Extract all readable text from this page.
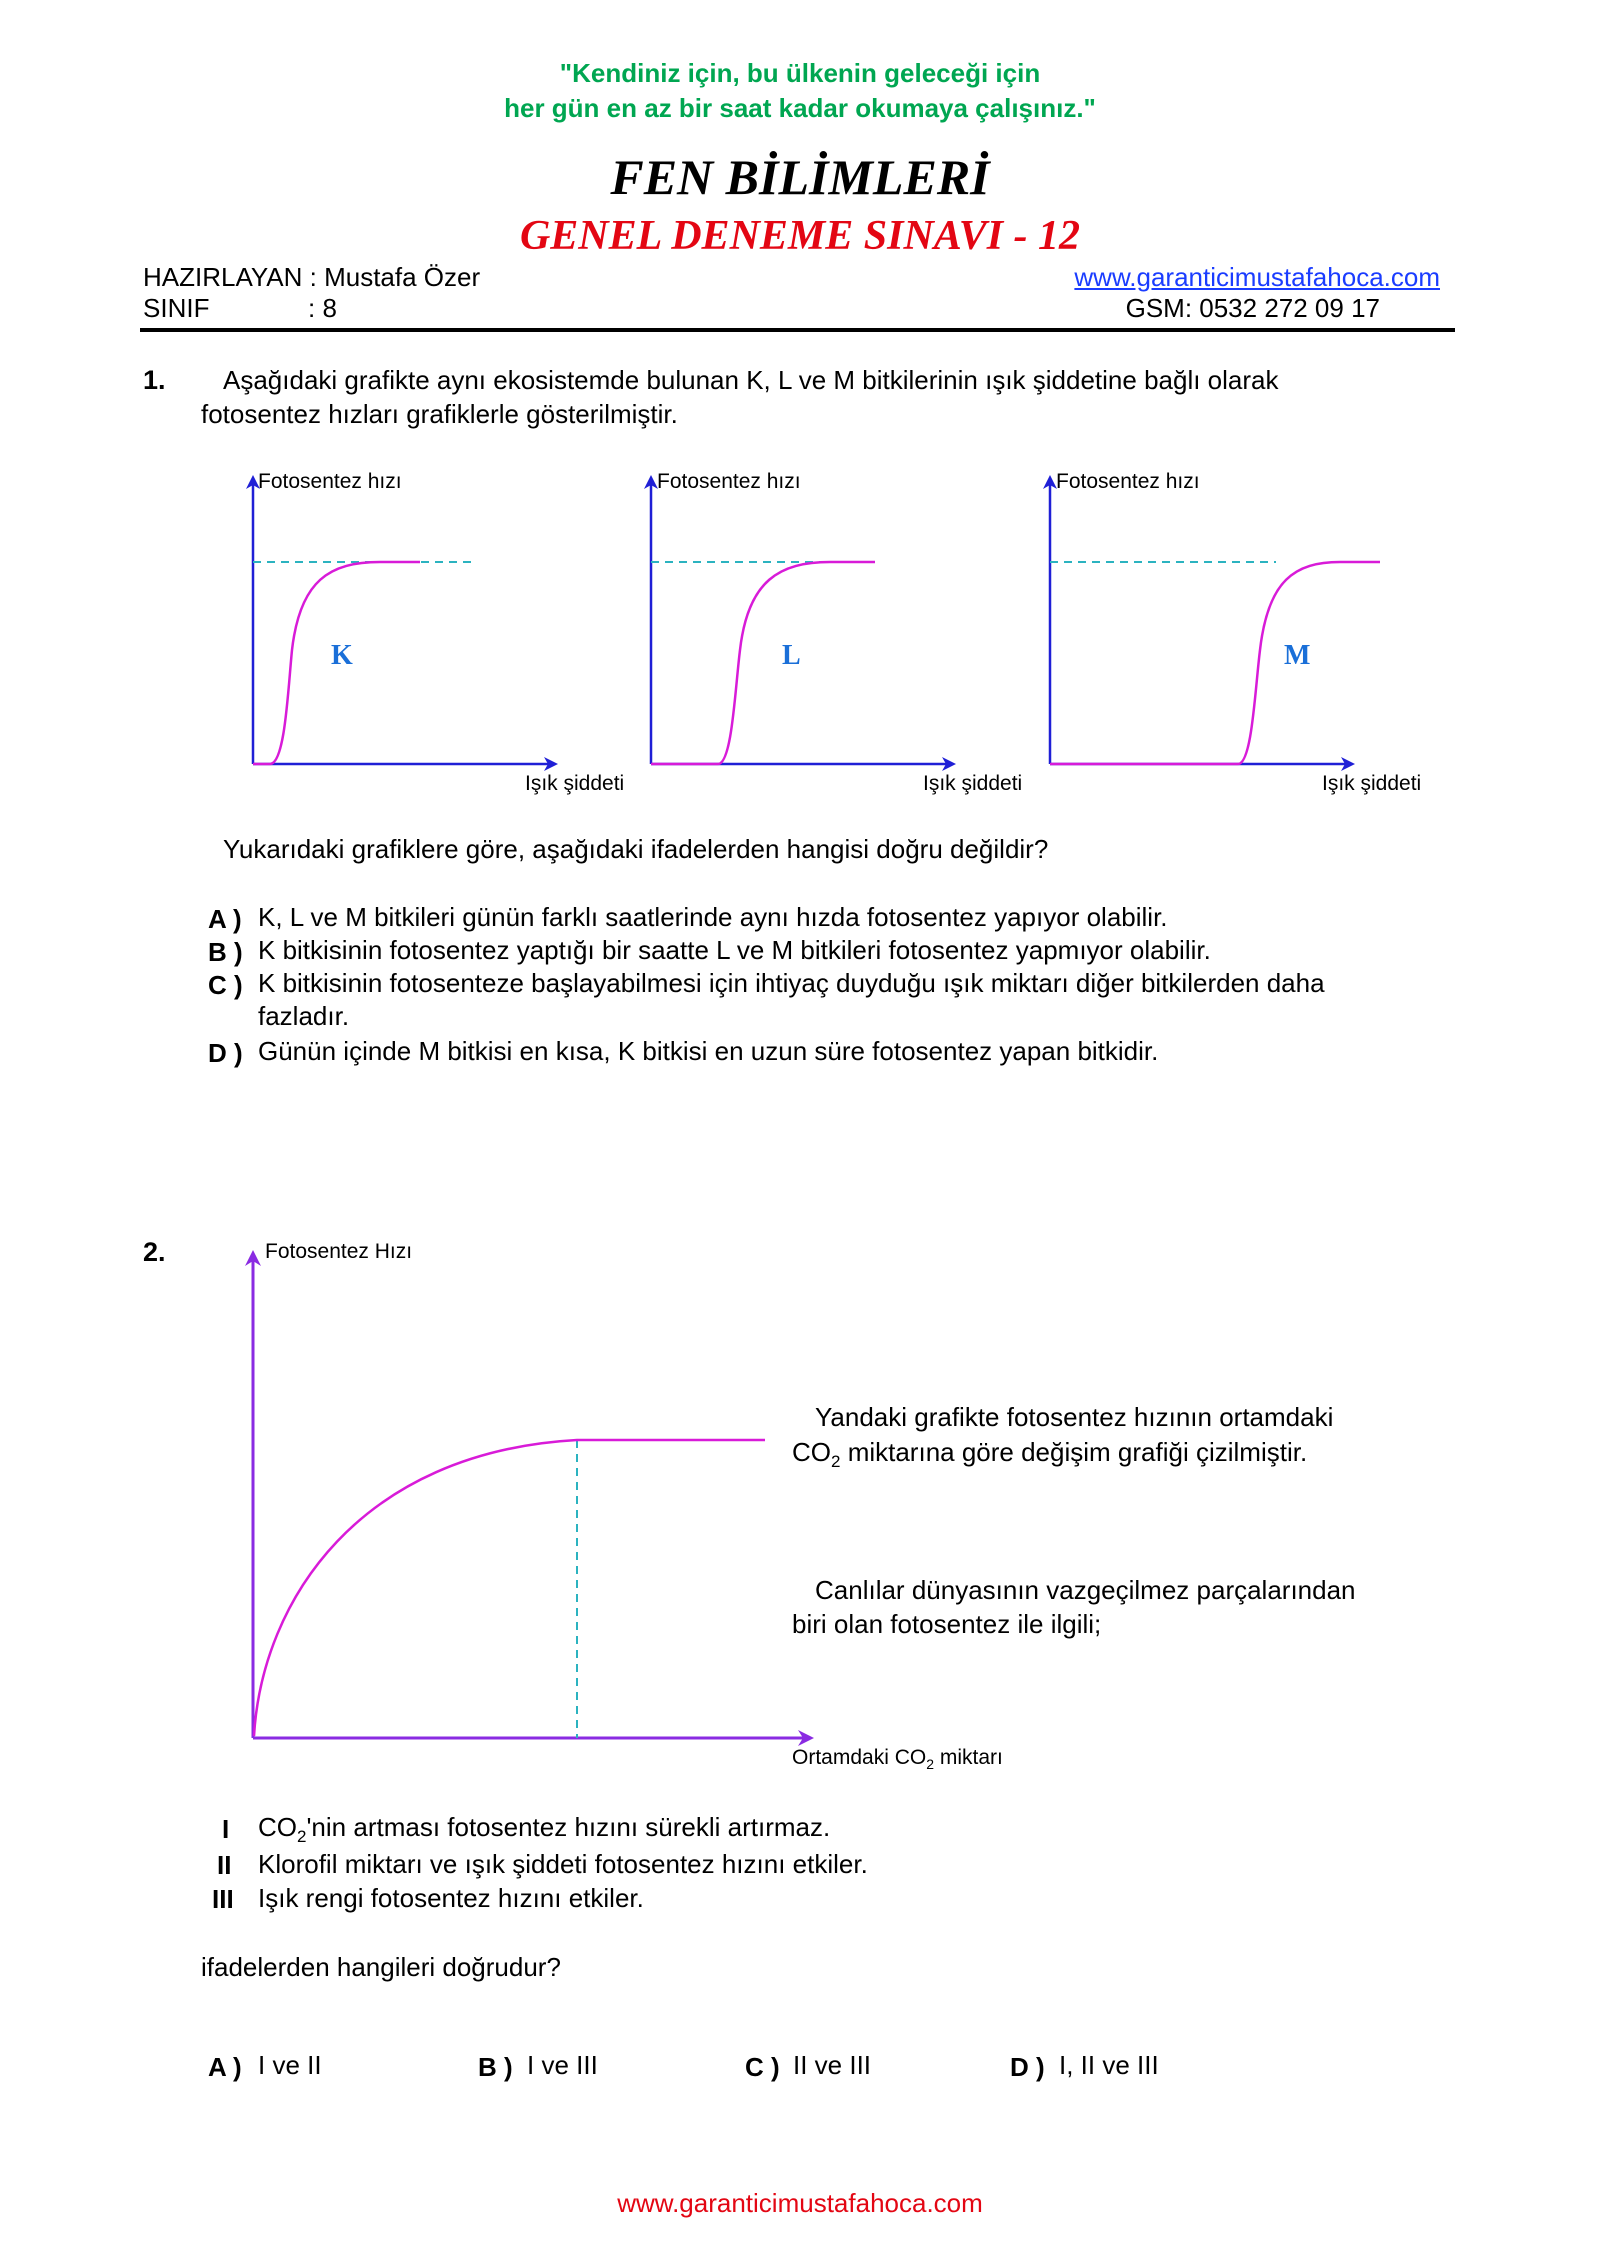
"Kendiniz için, bu ülkenin geleceği için
her gün en az bir saat kadar okumaya çalışınız."
FEN BİLİMLERİ
GENEL DENEME SINAVI - 12
HAZIRLAYAN : Mustafa Özer
SINIF	: 8
www.garanticimustafahoca.com
GSM: 0532 272 09 17
1. Aşağıdaki grafikte aynı ekosistemde bulunan K, L ve M bitkilerinin ışık şiddetine bağlı olarak
fotosentez hızları grafiklerle gösterilmiştir.
Fotosentez hızı
Işık şiddeti
K
Fotosentez hızı
Işık şiddeti
L
Fotosentez hızı
Işık şiddeti
M
Yukarıdaki grafiklere göre, aşağıdaki ifadelerden hangisi doğru değildir?
A ) K, L ve M bitkileri günün farklı saatlerinde aynı hızda fotosentez yapıyor olabilir.
B ) K bitkisinin fotosentez yaptığı bir saatte L ve M bitkileri fotosentez yapmıyor olabilir.
C ) K bitkisinin fotosenteze başlayabilmesi için ihtiyaç duyduğu ışık miktarı diğer bitkilerden daha
fazladır.
D ) Günün içinde M bitkisi en kısa, K bitkisi en uzun süre fotosentez yapan bitkidir.
2.	Fotosentez Hızı
Ortamdaki $CO_2$ miktarı
Yandaki grafikte fotosentez hızının ortamdaki
$CO_2$ miktarına göre değişim grafiği çizilmiştir.
Canlılar dünyasının vazgeçilmez parçalarından
biri olan fotosentez ile ilgili;
I $CO_2'nin$ artması fotosentez hızını sürekli artırmaz.
II Klorofil miktarı ve ışık şiddeti fotosentez hızını etkiler.
III Işık rengi fotosentez hızını etkiler.
ifadelerden hangileri doğrudur?
A ) I ve II	B ) I ve III	C ) II ve III	D ) I, II ve III
www.garanticimustafahoca.com
